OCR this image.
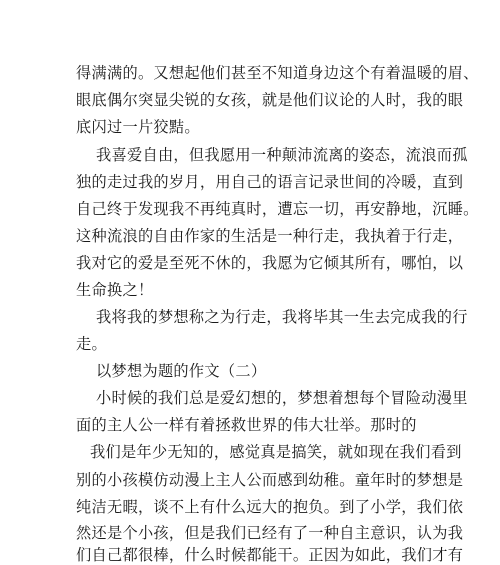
得满满的。又想起他们甚至不知道身边这个有着温暖的眉、
眼底偶尔突显尖锐的女孩，就是他们议论的人时，我的眼
底闪过一片狡黠。
我喜爱自由，但我愿用一种颠沛流离的姿态，流浪而孤
独的走过我的岁月，用自己的语言记录世间的冷暖，直到
自己终于发现我不再纯真时，遭忘一切，再安静地，沉睡。
这种流浪的自由作家的生活是一种行走，我执着于行走，
我对它的爱是至死不休的，我愿为它倾其所有，哪怕，以
生命换之！
我将我的梦想称之为行走，我将毕其一生去完成我的行
走。
以梦想为题的作文（二）
小时候的我们总是爱幻想的，梦想着想每个冒险动漫里
面的主人公一样有着拯救世界的伟大壮举。那时的
我们是年少无知的，感觉真是搞笑，就如现在我们看到
别的小孩模仿动漫上主人公而感到幼稚。童年时的梦想是
纯洁无暇，谈不上有什么远大的抱负。到了小学，我们依
然还是个小孩，但是我们已经有了一种自主意识，认为我
们自己都很棒，什么时候都能干。正因为如此，我们才有
